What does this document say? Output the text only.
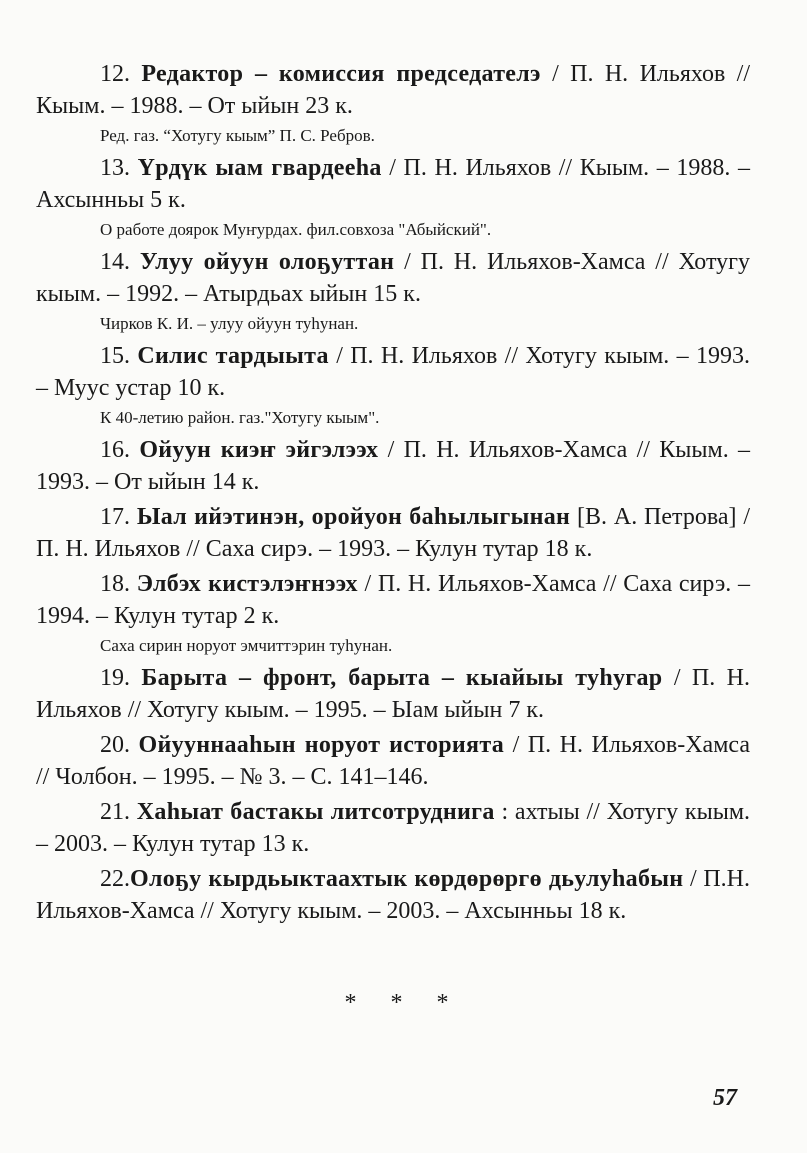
12. Редактор – комиссия председателэ / П. Н. Ильяхов // Кыым. – 1988. – От ыйын 23 к.

Ред. газ. “Хотугу кыым” П. С. Ребров.

13. Үрдүк ыам гвардееһа / П. Н. Ильяхов // Кыым. – 1988. – Ахсынньы 5 к.

О работе доярок Муҥурдах. фил.совхоза "Абыйский".

14. Улуу ойуун олоҕуттан / П. Н. Ильяхов-Хамса // Хотугу кыым. – 1992. – Атырдьах ыйын 15 к.

Чирков К. И. – улуу ойуун туһунан.

15. Силис тардыыта / П. Н. Ильяхов // Хотугу кыым. – 1993. – Муус устар 10 к.

К 40-летию район. газ."Хотугу кыым".

16. Ойуун киэҥ эйгэлээх / П. Н. Ильяхов-Хамса // Кыым. – 1993. – От ыйын 14 к.

17. Ыал ийэтинэн, оройуон баһылыгынан [В. А. Петрова] / П. Н. Ильяхов // Саха сирэ. – 1993. – Кулун тутар 18 к.

18. Элбэх кистэлэҥнээх / П. Н. Ильяхов-Хамса // Саха сирэ. – 1994. – Кулун тутар 2 к.

Саха сирин норуот эмчиттэрин туһунан.

19. Барыта – фронт, барыта – кыайыы туһугар / П. Н. Ильяхов // Хотугу кыым. – 1995. – Ыам ыйын 7 к.

20. Ойууннааһын норуот историята / П. Н. Ильяхов-Хамса // Чолбон. – 1995. – № 3. – С. 141–146.

21. Хаһыат бастакы литсотруднига : ахтыы // Хотугу кыым. – 2003. – Кулун тутар 13 к.

22.Олоҕу кырдьыктаахтык көрдөрөргө дьулуһабын / П.Н. Ильяхов-Хамса // Хотугу кыым. – 2003. – Ахсынньы 18 к.

* * *
57
